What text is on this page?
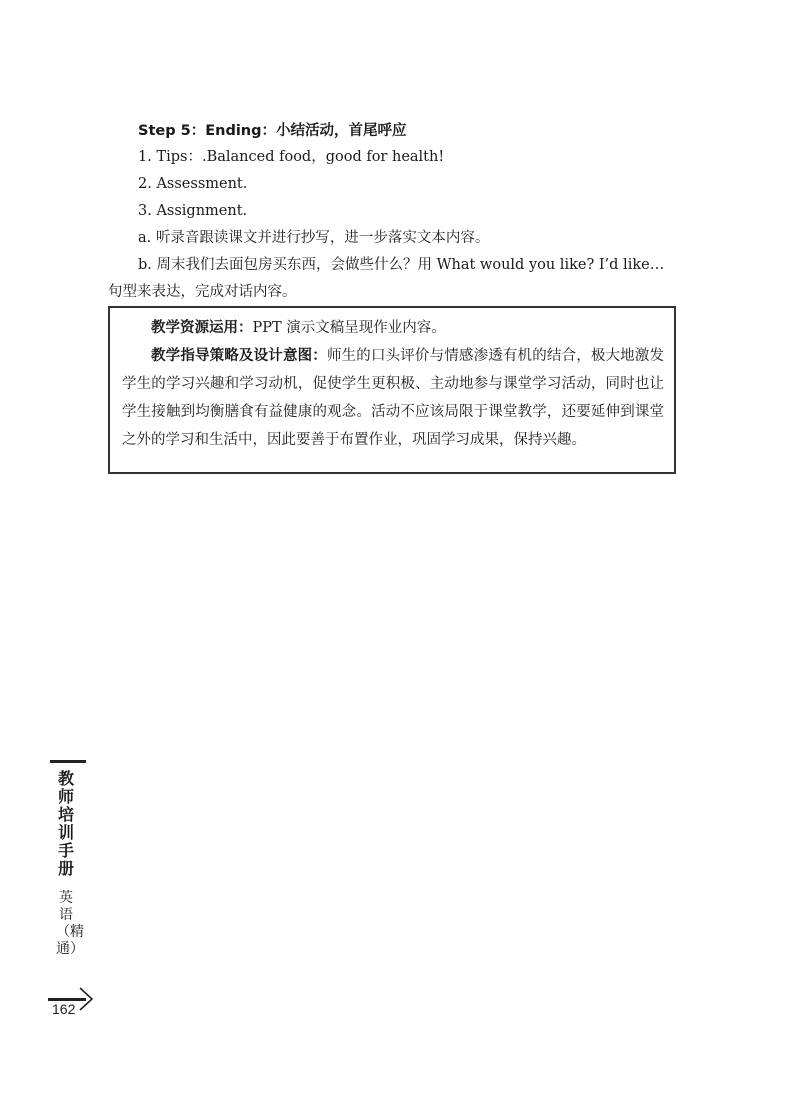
Step 5：Ending：小结活动，首尾呼应
1. Tips：.Balanced food，good for health!
2. Assessment.
3. Assignment.
a. 听录音跟读课文并进行抄写，进一步落实文本内容。
b. 周末我们去面包房买东西，会做些什么？用 What would you like? I’d like…
句型来表达，完成对话内容。

教学资源运用：PPT 演示文稿呈现作业内容。

教学指导策略及设计意图：师生的口头评价与情感渗透有机的结合，极大地激发学生的学习兴趣和学习动机，促使学生更积极、主动地参与课堂学习活动，同时也让学生接触到均衡膳食有益健康的观念。活动不应该局限于课堂教学，还要延伸到课堂之外的学习和生活中，因此要善于布置作业，巩固学习成果，保持兴趣。

教师培训手册
英语（精通）
162
